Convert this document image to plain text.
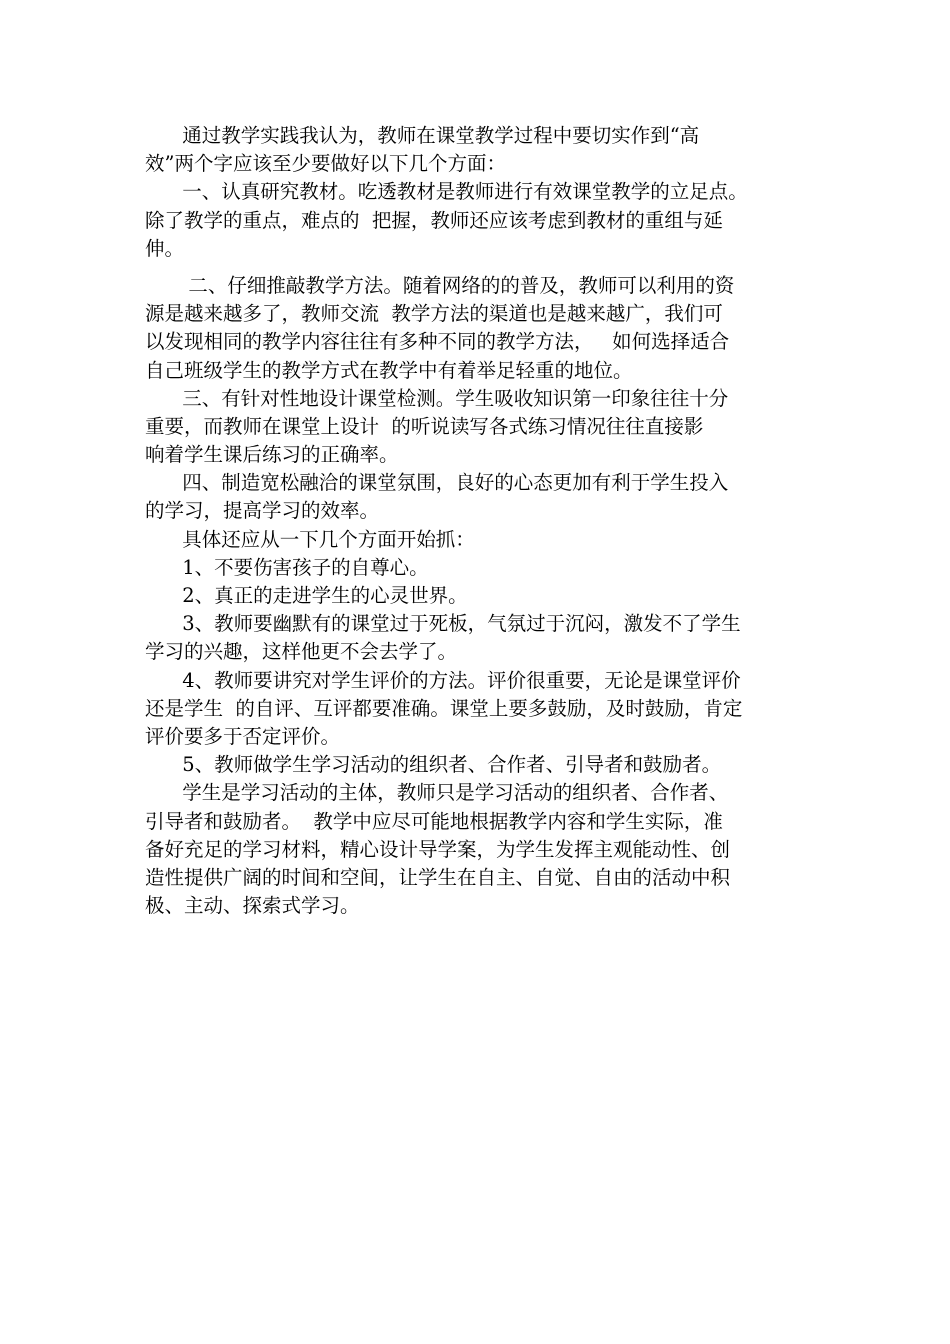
通过教学实践我认为，教师在课堂教学过程中要切实作到“高
效”两个字应该至少要做好以下几个方面：
一、认真研究教材。吃透教材是教师进行有效课堂教学的立足点。
除了教学的重点，难点的  把握，教师还应该考虑到教材的重组与延
伸。
二、仔细推敲教学方法。随着网络的的普及，教师可以利用的资
源是越来越多了，教师交流  教学方法的渠道也是越来越广，我们可
以发现相同的教学内容往往有多种不同的教学方法，   如何选择适合
自己班级学生的教学方式在教学中有着举足轻重的地位。
三、有针对性地设计课堂检测。学生吸收知识第一印象往往十分
重要，而教师在课堂上设计  的听说读写各式练习情况往往直接影
响着学生课后练习的正确率。
四、制造宽松融洽的课堂氛围，良好的心态更加有利于学生投入
的学习，提高学习的效率。
具体还应从一下几个方面开始抓：
1、不要伤害孩子的自尊心。
2、真正的走进学生的心灵世界。
3、教师要幽默有的课堂过于死板，气氛过于沉闷，激发不了学生
学习的兴趣，这样他更不会去学了。
4、教师要讲究对学生评价的方法。评价很重要，无论是课堂评价
还是学生  的自评、互评都要准确。课堂上要多鼓励，及时鼓励，肯定
评价要多于否定评价。
5、教师做学生学习活动的组织者、合作者、引导者和鼓励者。
学生是学习活动的主体，教师只是学习活动的组织者、合作者、
引导者和鼓励者。  教学中应尽可能地根据教学内容和学生实际，准
备好充足的学习材料，精心设计导学案，为学生发挥主观能动性、创
造性提供广阔的时间和空间，让学生在自主、自觉、自由的活动中积
极、主动、探索式学习。
